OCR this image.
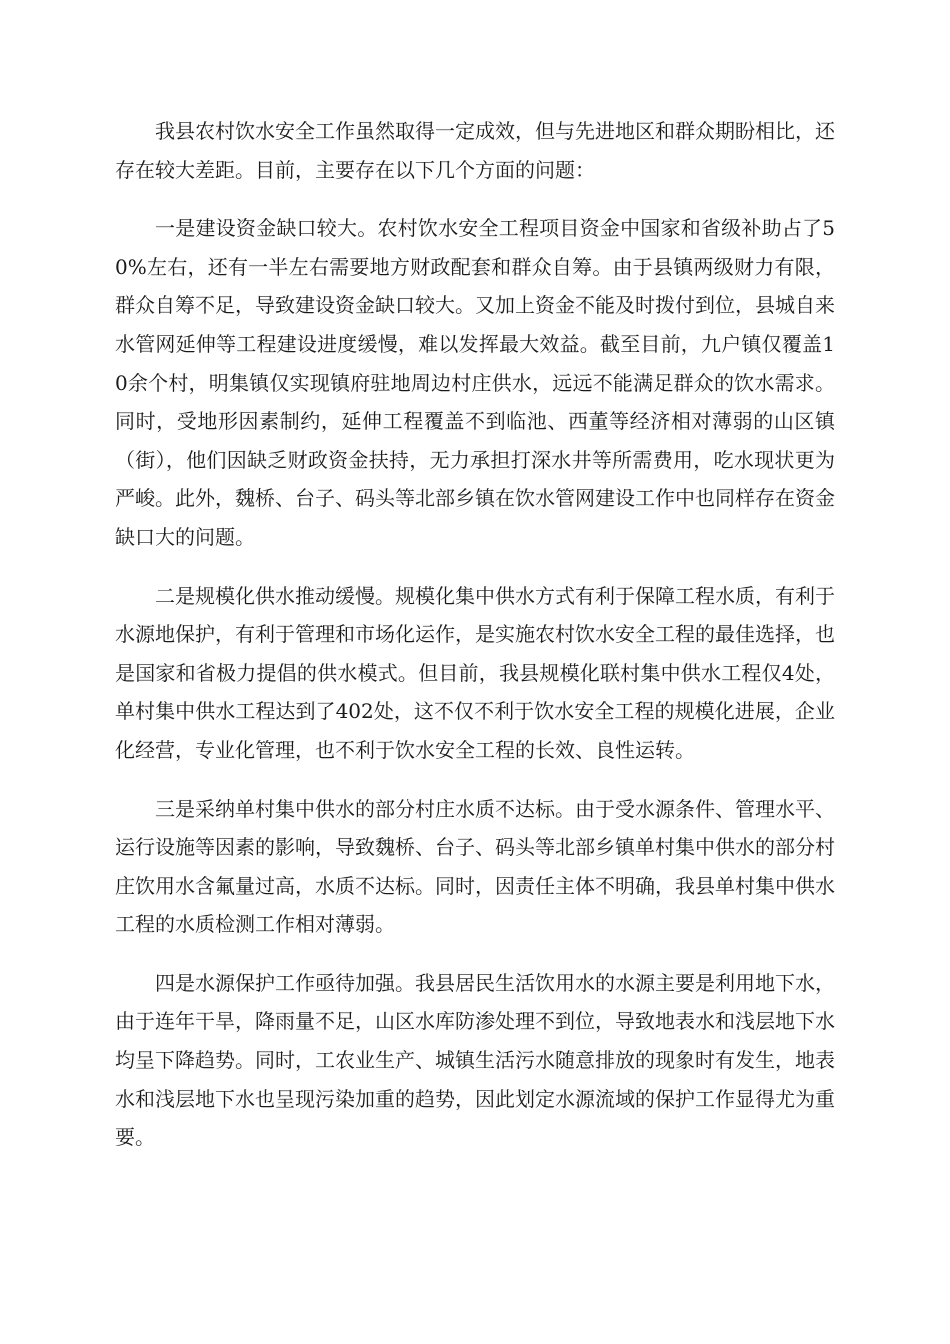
我县农村饮水安全工作虽然取得一定成效，但与先进地区和群众期盼相比，还存在较大差距。目前，主要存在以下几个方面的问题：

一是建设资金缺口较大。农村饮水安全工程项目资金中国家和省级补助占了50%左右，还有一半左右需要地方财政配套和群众自筹。由于县镇两级财力有限，群众自筹不足，导致建设资金缺口较大。又加上资金不能及时拨付到位，县城自来水管网延伸等工程建设进度缓慢，难以发挥最大效益。截至目前，九户镇仅覆盖10余个村，明集镇仅实现镇府驻地周边村庄供水，远远不能满足群众的饮水需求。同时，受地形因素制约，延伸工程覆盖不到临池、西董等经济相对薄弱的山区镇（街），他们因缺乏财政资金扶持，无力承担打深水井等所需费用，吃水现状更为严峻。此外，魏桥、台子、码头等北部乡镇在饮水管网建设工作中也同样存在资金缺口大的问题。

二是规模化供水推动缓慢。规模化集中供水方式有利于保障工程水质，有利于水源地保护，有利于管理和市场化运作，是实施农村饮水安全工程的最佳选择，也是国家和省极力提倡的供水模式。但目前，我县规模化联村集中供水工程仅4处，单村集中供水工程达到了402处，这不仅不利于饮水安全工程的规模化进展，企业化经营，专业化管理，也不利于饮水安全工程的长效、良性运转。

三是采纳单村集中供水的部分村庄水质不达标。由于受水源条件、管理水平、运行设施等因素的影响，导致魏桥、台子、码头等北部乡镇单村集中供水的部分村庄饮用水含氟量过高，水质不达标。同时，因责任主体不明确，我县单村集中供水工程的水质检测工作相对薄弱。

四是水源保护工作亟待加强。我县居民生活饮用水的水源主要是利用地下水，由于连年干旱，降雨量不足，山区水库防渗处理不到位，导致地表水和浅层地下水均呈下降趋势。同时，工农业生产、城镇生活污水随意排放的现象时有发生，地表水和浅层地下水也呈现污染加重的趋势，因此划定水源流域的保护工作显得尤为重要。
